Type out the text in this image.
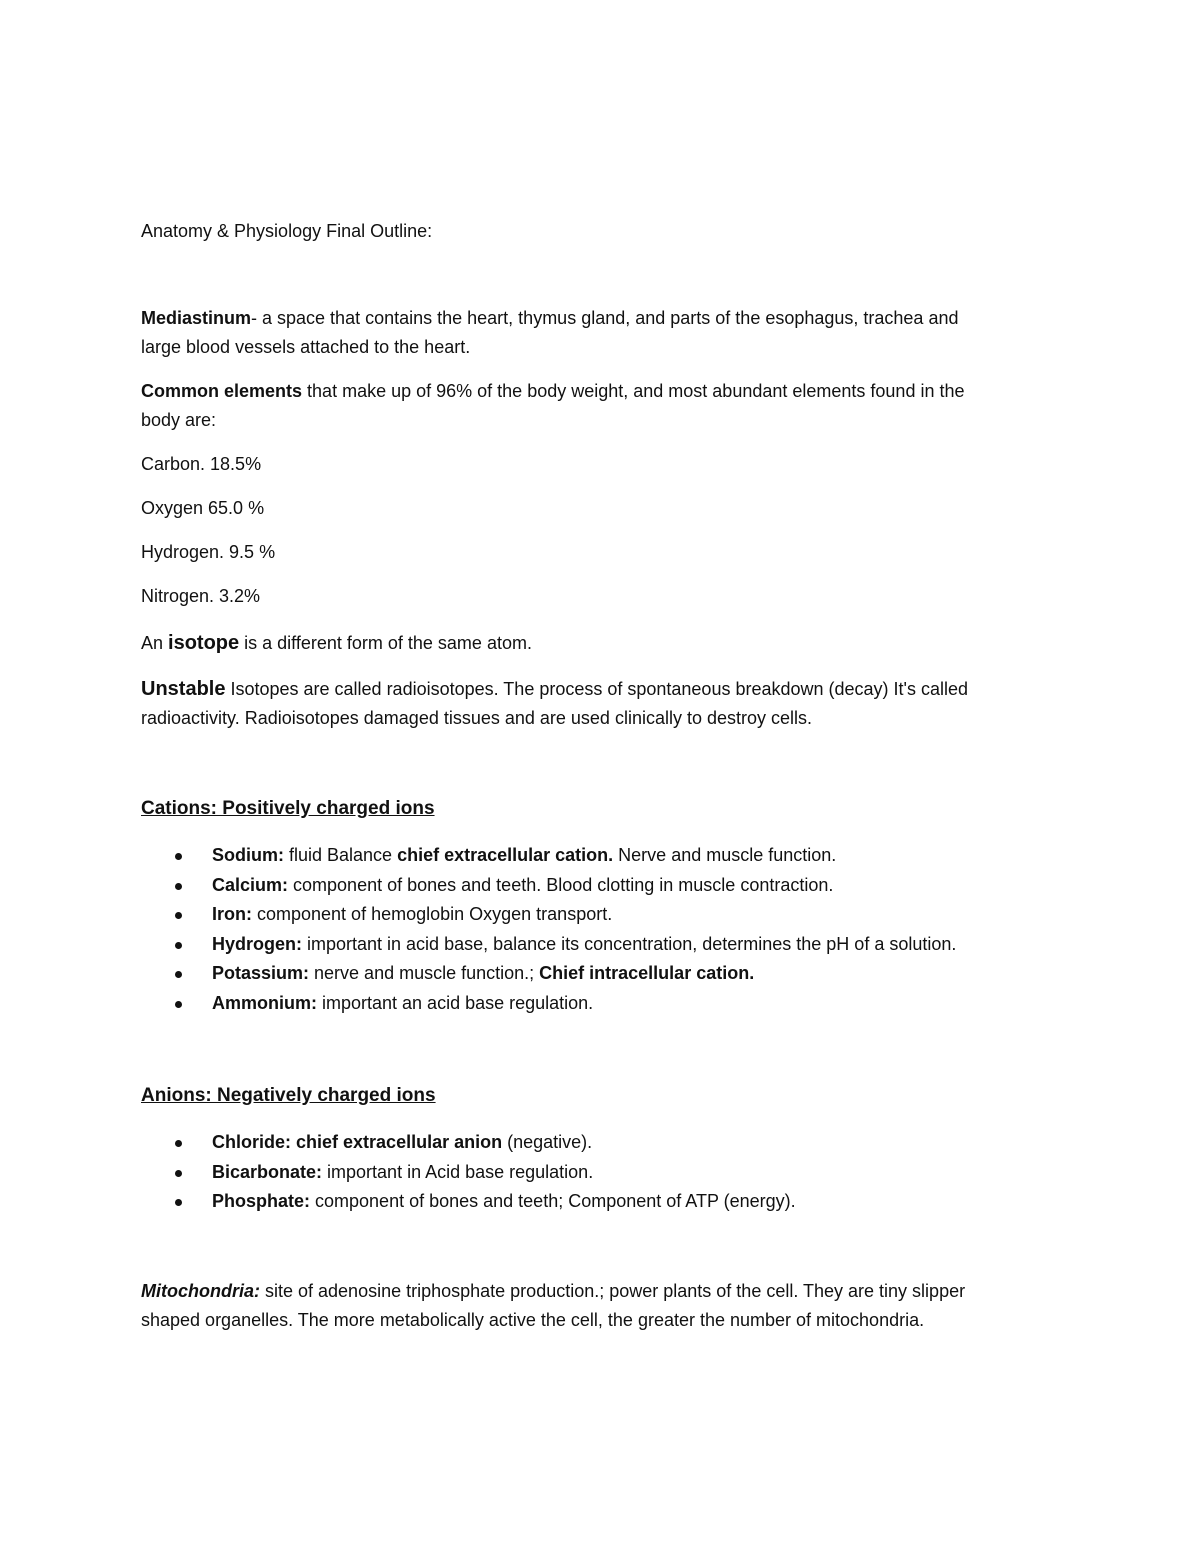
Anatomy & Physiology Final Outline:
Mediastinum- a space that contains the heart, thymus gland, and parts of the esophagus, trachea and
large blood vessels attached to the heart.
Common elements that make up of 96% of the body weight, and most abundant elements found in the
body are:
Carbon. 18.5%
Oxygen 65.0 %
Hydrogen. 9.5 %
Nitrogen. 3.2%
An isotope is a different form of the same atom.
Unstable Isotopes are called radioisotopes. The process of spontaneous breakdown (decay) It's called
radioactivity. Radioisotopes damaged tissues and are used clinically to destroy cells.
Cations: Positively charged ions
Sodium: fluid Balance chief extracellular cation. Nerve and muscle function.
Calcium: component of bones and teeth. Blood clotting in muscle contraction.
Iron: component of hemoglobin Oxygen transport.
Hydrogen: important in acid base, balance its concentration, determines the pH of a solution.
Potassium: nerve and muscle function.; Chief intracellular cation.
Ammonium: important an acid base regulation.
Anions: Negatively charged ions
Chloride: chief extracellular anion (negative).
Bicarbonate: important in Acid base regulation.
Phosphate: component of bones and teeth; Component of ATP (energy).
Mitochondria: site of adenosine triphosphate production.; power plants of the cell. They are tiny slipper
shaped organelles. The more metabolically active the cell, the greater the number of mitochondria.
